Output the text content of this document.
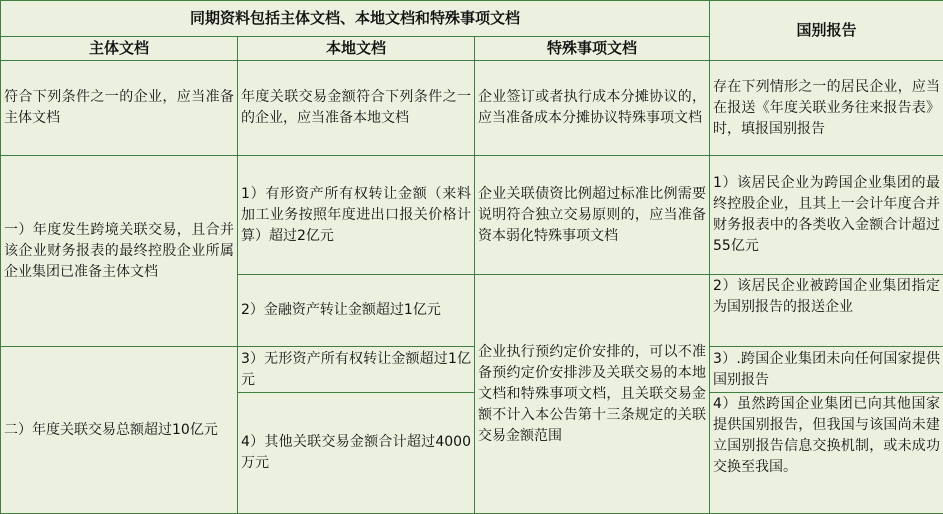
同期资料包括主体文档、本地文档和特殊事项文档			国别报告
主体文档	本地文档	特殊事项文档	
符合下列条件之一的企业，应当准备主体文档	年度关联交易金额符合下列条件之一的企业，应当准备本地文档	企业签订或者执行成本分摊协议的，应当准备成本分摊协议特殊事项文档	存在下列情形之一的居民企业，应当在报送《年度关联业务往来报告表》时，填报国别报告
一）年度发生跨境关联交易，且合并该企业财务报表的最终控股企业所属企业集团已准备主体文档	1）有形资产所有权转让金额（来料加工业务按照年度进出口报关价格计算）超过2亿元	企业关联债资比例超过标准比例需要说明符合独立交易原则的，应当准备资本弱化特殊事项文档	1）该居民企业为跨国企业集团的最终控股企业，且其上一会计年度合并财务报表中的各类收入金额合计超过55亿元
	2）金融资产转让金额超过1亿元	企业执行预约定价安排的，可以不准备预约定价安排涉及关联交易的本地文档和特殊事项文档，且关联交易金额不计入本公告第十三条规定的关联交易金额范围	2）该居民企业被跨国企业集团指定为国别报告的报送企业
二）年度关联交易总额超过10亿元	3）无形资产所有权转让金额超过1亿元		3）.跨国企业集团未向任何国家提供国别报告
	4）其他关联交易金额合计超过4000万元		4）虽然跨国企业集团已向其他国家提供国别报告，但我国与该国尚未建立国别报告信息交换机制，或未成功交换至我国。
